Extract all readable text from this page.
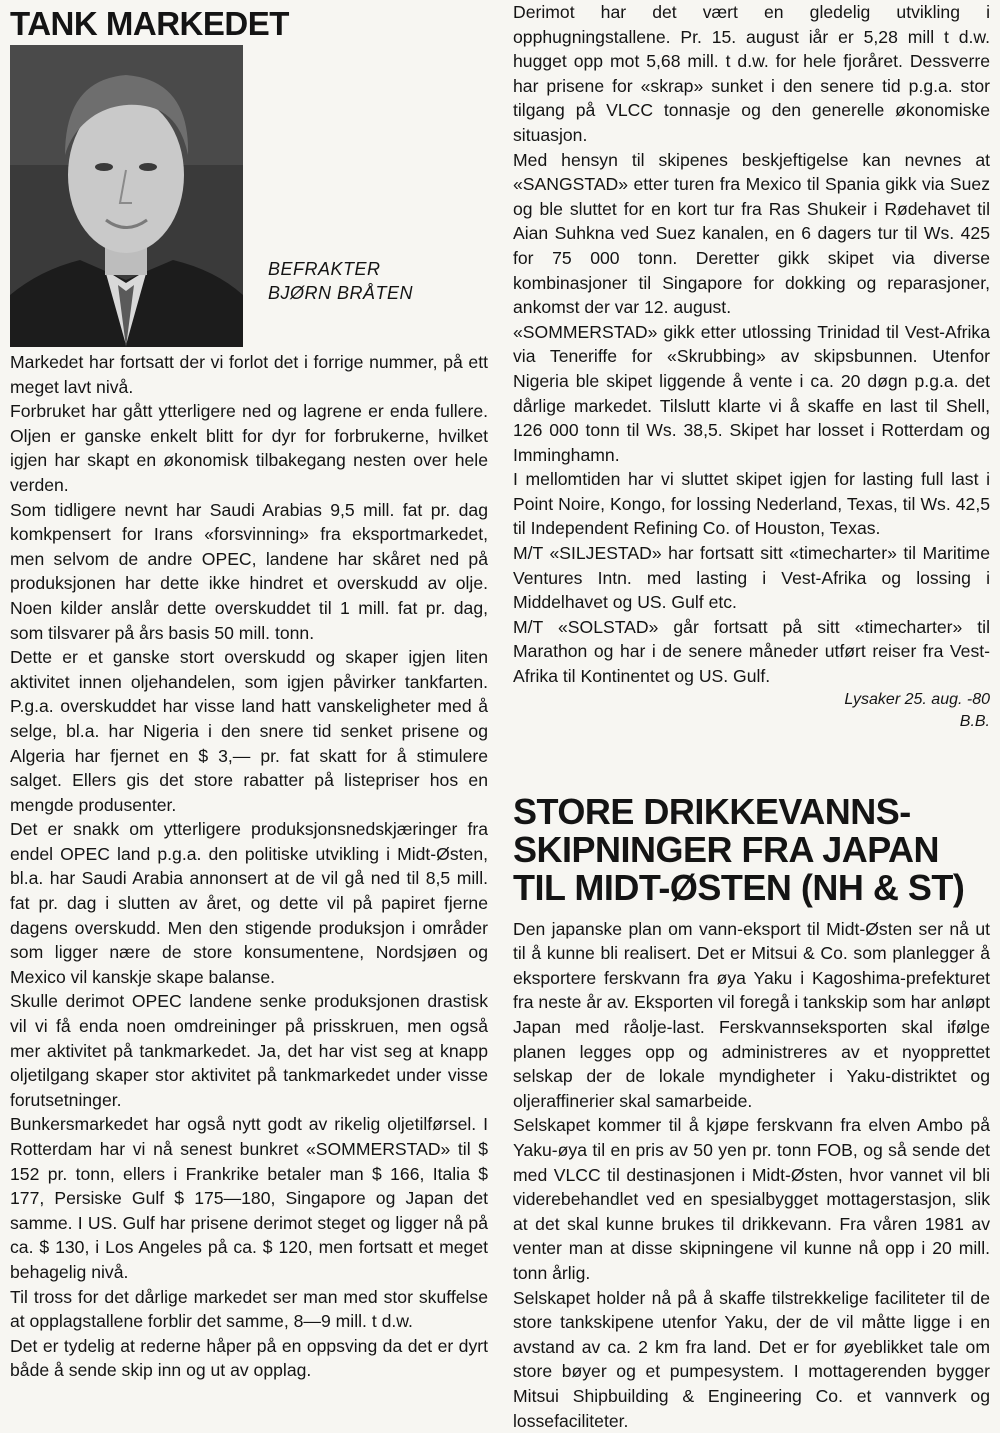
TANK MARKEDET
BEFRAKTER
BJØRN BRÅTEN

Markedet har fortsatt der vi forlot det i forrige nummer, på ett meget lavt nivå.

Forbruket har gått ytterligere ned og lagrene er enda fullere. Oljen er ganske enkelt blitt for dyr for forbrukerne, hvilket igjen har skapt en økonomisk tilbakegang nesten over hele verden.

Som tidligere nevnt har Saudi Arabias 9,5 mill. fat pr. dag komkpensert for Irans «forsvinning» fra eksportmarkedet, men selvom de andre OPEC, landene har skåret ned på produksjonen har dette ikke hindret et overskudd av olje. Noen kilder anslår dette overskuddet til 1 mill. fat pr. dag, som tilsvarer på års basis 50 mill. tonn.

Dette er et ganske stort overskudd og skaper igjen liten aktivitet innen oljehandelen, som igjen påvirker tankfarten. P.g.a. overskuddet har visse land hatt vanskeligheter med å selge, bl.a. har Nigeria i den snere tid senket prisene og Algeria har fjernet en $ 3,— pr. fat skatt for å stimulere salget. Ellers gis det store rabatter på listepriser hos en mengde produsenter.

Det er snakk om ytterligere produksjonsnedskjæringer fra endel OPEC land p.g.a. den politiske utvikling i Midt-Østen, bl.a. har Saudi Arabia annonsert at de vil gå ned til 8,5 mill. fat pr. dag i slutten av året, og dette vil på papiret fjerne dagens overskudd. Men den stigende produksjon i områder som ligger nære de store konsumentene, Nordsjøen og Mexico vil kanskje skape balanse.

Skulle derimot OPEC landene senke produksjonen drastisk vil vi få enda noen omdreininger på prisskruen, men også mer aktivitet på tankmarkedet. Ja, det har vist seg at knapp oljetilgang skaper stor aktivitet på tankmarkedet under visse forutsetninger.

Bunkersmarkedet har også nytt godt av rikelig oljetilførsel. I Rotterdam har vi nå senest bunkret «SOMMERSTAD» til $ 152 pr. tonn, ellers i Frankrike betaler man $ 166, Italia $ 177, Persiske Gulf $ 175—180, Singapore og Japan det samme. I US. Gulf har prisene derimot steget og ligger nå på ca. $ 130, i Los Angeles på ca. $ 120, men fortsatt et meget behagelig nivå.

Til tross for det dårlige markedet ser man med stor skuffelse at opplagstallene forblir det samme, 8—9 mill. t d.w.

Det er tydelig at rederne håper på en oppsving da det er dyrt både å sende skip inn og ut av opplag.

Derimot har det vært en gledelig utvikling i opphugningstallene. Pr. 15. august iår er 5,28 mill t d.w. hugget opp mot 5,68 mill. t d.w. for hele fjoråret. Dessverre har prisene for «skrap» sunket i den senere tid p.g.a. stor tilgang på VLCC tonnasje og den generelle økonomiske situasjon.

Med hensyn til skipenes beskjeftigelse kan nevnes at «SANGSTAD» etter turen fra Mexico til Spania gikk via Suez og ble sluttet for en kort tur fra Ras Shukeir i Rødehavet til Aian Suhkna ved Suez kanalen, en 6 dagers tur til Ws. 425 for 75 000 tonn. Deretter gikk skipet via diverse kombinasjoner til Singapore for dokking og reparasjoner, ankomst der var 12. august.

«SOMMERSTAD» gikk etter utlossing Trinidad til Vest-Afrika via Teneriffe for «Skrubbing» av skipsbunnen. Utenfor Nigeria ble skipet liggende å vente i ca. 20 døgn p.g.a. det dårlige markedet. Tilslutt klarte vi å skaffe en last til Shell, 126 000 tonn til Ws. 38,5. Skipet har losset i Rotterdam og Imminghamn.

I mellomtiden har vi sluttet skipet igjen for lasting full last i Point Noire, Kongo, for lossing Nederland, Texas, til Ws. 42,5 til Independent Refining Co. of Houston, Texas.

M/T «SILJESTAD» har fortsatt sitt «timecharter» til Maritime Ventures Intn. med lasting i Vest-Afrika og lossing i Middelhavet og US. Gulf etc.

M/T «SOLSTAD» går fortsatt på sitt «timecharter» til Marathon og har i de senere måneder utført reiser fra Vest-Afrika til Kontinentet og US. Gulf.

Lysaker 25. aug. -80
B.B.
STORE DRIKKEVANNS-
SKIPNINGER FRA JAPAN
TIL MIDT-ØSTEN (NH & ST)

Den japanske plan om vann-eksport til Midt-Østen ser nå ut til å kunne bli realisert. Det er Mitsui & Co. som planlegger å eksportere ferskvann fra øya Yaku i Kagoshima-prefekturet fra neste år av. Eksporten vil foregå i tankskip som har anløpt Japan med råolje-last. Ferskvannseksporten skal ifølge planen legges opp og administreres av et nyopprettet selskap der de lokale myndigheter i Yaku-distriktet og oljeraffinerier skal samarbeide.

Selskapet kommer til å kjøpe ferskvann fra elven Ambo på Yaku-øya til en pris av 50 yen pr. tonn FOB, og så sende det med VLCC til destinasjonen i Midt-Østen, hvor vannet vil bli viderebehandlet ved en spesialbygget mottagerstasjon, slik at det skal kunne brukes til drikkevann. Fra våren 1981 av venter man at disse skipningene vil kunne nå opp i 20 mill. tonn årlig.

Selskapet holder nå på å skaffe tilstrekkelige faciliteter til de store tankskipene utenfor Yaku, der de vil måtte ligge i en avstand av ca. 2 km fra land. Det er for øyeblikket tale om store bøyer og et pumpesystem. I mottagerenden bygger Mitsui Shipbuilding & Engineering Co. et vannverk og lossefaciliteter.
